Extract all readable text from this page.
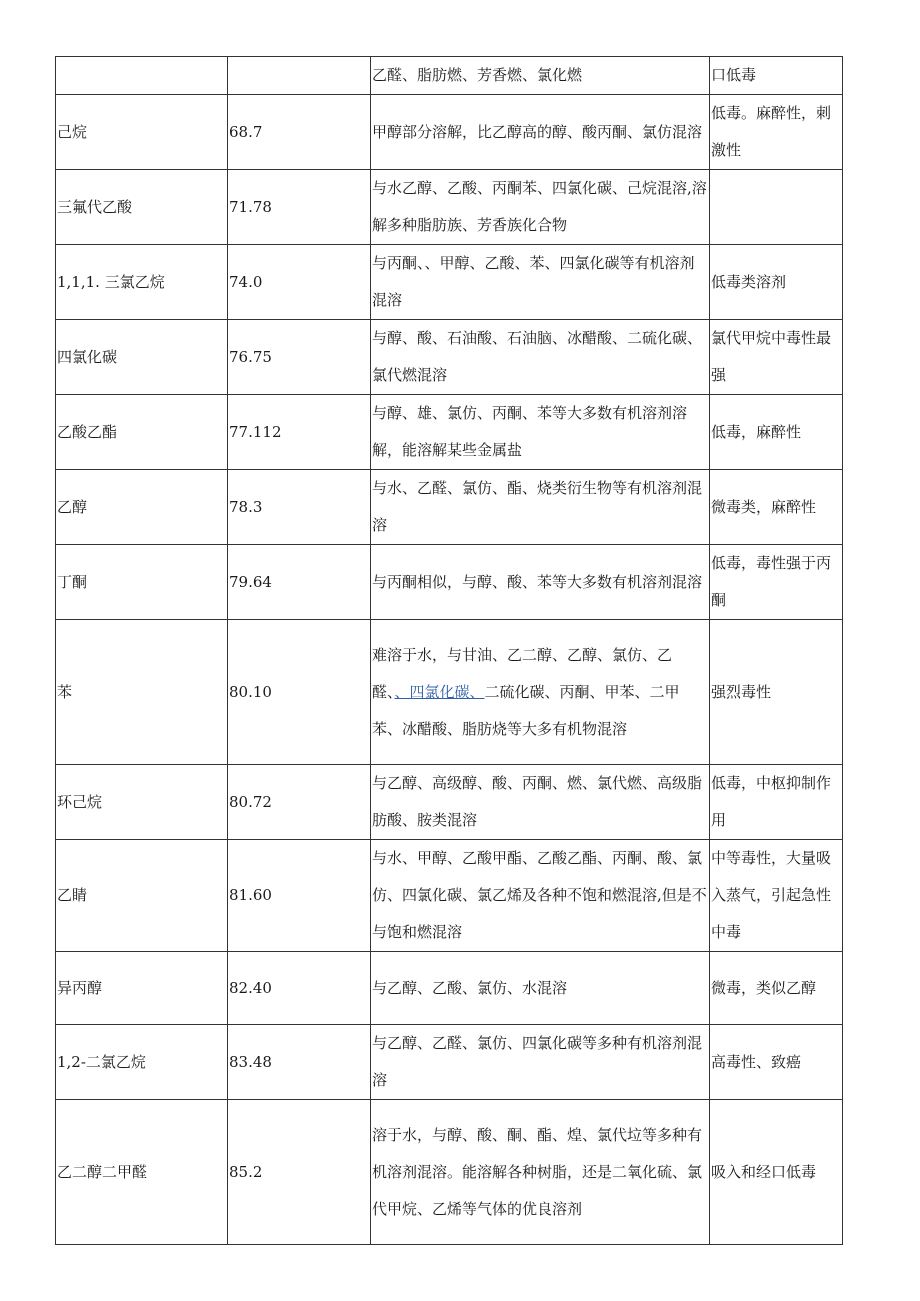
		乙醛、脂肪燃、芳香燃、氯化燃	口低毒
己烷	68.7	甲醇部分溶解，比乙醇高的醇、酸丙酮、氯仿混溶	低毒。麻醉性，刺激性
三氟代乙酸	71.78	与水乙醇、乙酸、丙酮苯、四氯化碳、己烷混溶,溶解多种脂肪族、芳香族化合物	
1,1,1. 三氯乙烷	74.0	与丙酮、、甲醇、乙酸、苯、四氯化碳等有机溶剂混溶	低毒类溶剂
四氯化碳	76.75	与醇、酸、石油酸、石油脑、冰醋酸、二硫化碳、氯代燃混溶	氯代甲烷中毒性最强
乙酸乙酯	77.112	与醇、雄、氯仿、丙酮、苯等大多数有机溶剂溶解，能溶解某些金属盐	低毒，麻醉性
乙醇	78.3	与水、乙醛、氯仿、酯、烧类衍生物等有机溶剂混溶	微毒类，麻醉性
丁酮	79.64	与丙酮相似，与醇、酸、苯等大多数有机溶剂混溶	低毒，毒性强于丙酮
苯	80.10	难溶于水，与甘油、乙二醇、乙醇、氯仿、乙醛、、四氯化碳、二硫化碳、丙酮、甲苯、二甲苯、冰醋酸、脂肪烧等大多有机物混溶	强烈毒性
环己烷	80.72	与乙醇、高级醇、酸、丙酮、燃、氯代燃、高级脂肪酸、胺类混溶	低毒，中枢抑制作用
乙睛	81.60	与水、甲醇、乙酸甲酯、乙酸乙酯、丙酮、酸、氯仿、四氯化碳、氯乙烯及各种不饱和燃混溶,但是不与饱和燃混溶	中等毒性，大量吸入蒸气，引起急性中毒
异丙醇	82.40	与乙醇、乙酸、氯仿、水混溶	微毒，类似乙醇
1,2-二氯乙烷	83.48	与乙醇、乙醛、氯仿、四氯化碳等多种有机溶剂混溶	高毒性、致癌
乙二醇二甲醛	85.2	溶于水，与醇、酸、酮、酯、煌、氯代垃等多种有机溶剂混溶。能溶解各种树脂，还是二氧化硫、氯代甲烷、乙烯等气体的优良溶剂	吸入和经口低毒
